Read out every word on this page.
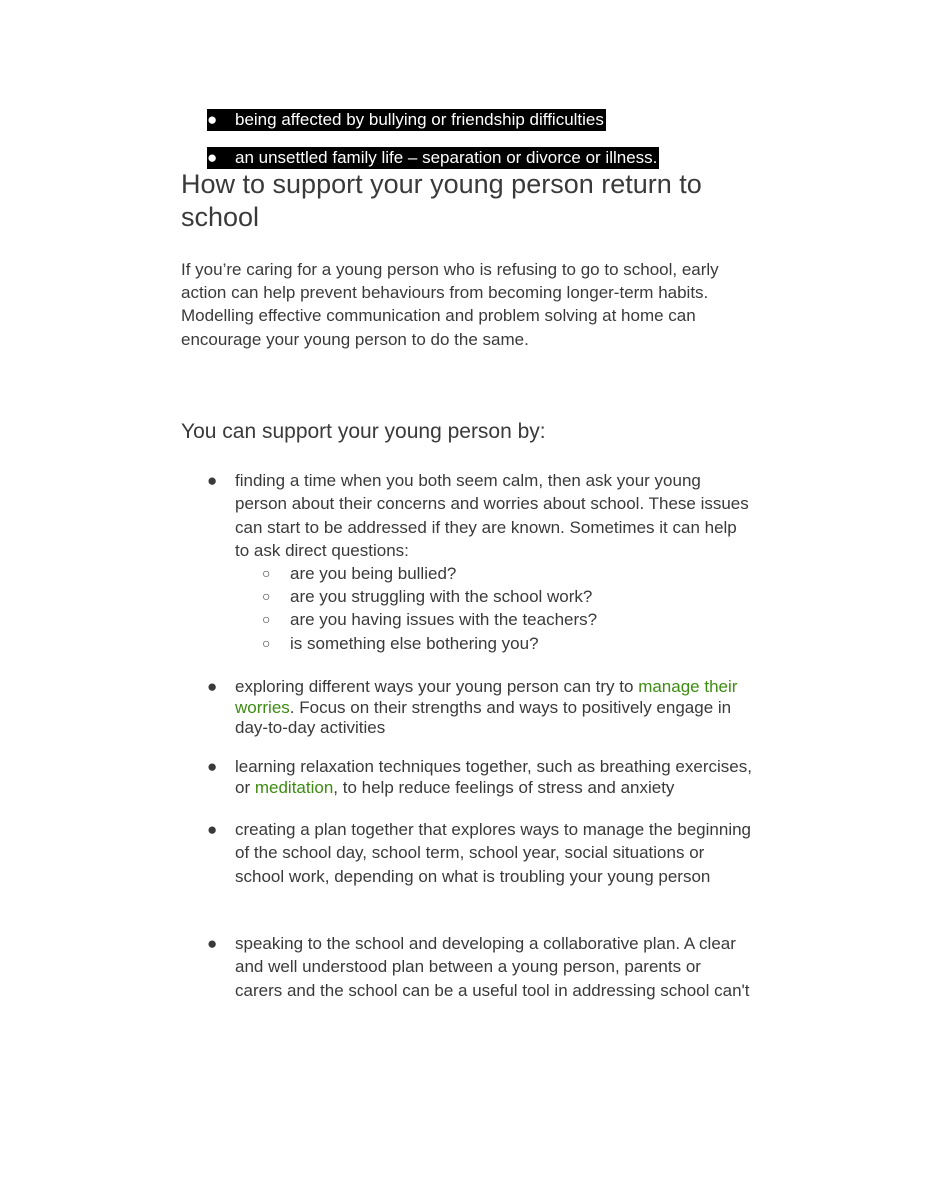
● being affected by bullying or friendship difficulties
● an unsettled family life – separation or divorce or illness.
How to support your young person return to school
If you’re caring for a young person who is refusing to go to school, early action can help prevent behaviours from becoming longer-term habits. Modelling effective communication and problem solving at home can encourage your young person to do the same.
You can support your young person by:
●	finding a time when you both seem calm, then ask your young person about their concerns and worries about school. These issues can start to be addressed if they are known. Sometimes it can help to ask direct questions:
○ are you being bullied?
○ are you struggling with the school work?
○ are you having issues with the teachers?
○ is something else bothering you?
●	exploring different ways your young person can try to manage their worries. Focus on their strengths and ways to positively engage in day-to-day activities
●	learning relaxation techniques together, such as breathing exercises, or meditation, to help reduce feelings of stress and anxiety
●	creating a plan together that explores ways to manage the beginning of the school day, school term, school year, social situations or school work, depending on what is troubling your young person
●	speaking to the school and developing a collaborative plan. A clear and well understood plan between a young person, parents or carers and the school can be a useful tool in addressing school can't
